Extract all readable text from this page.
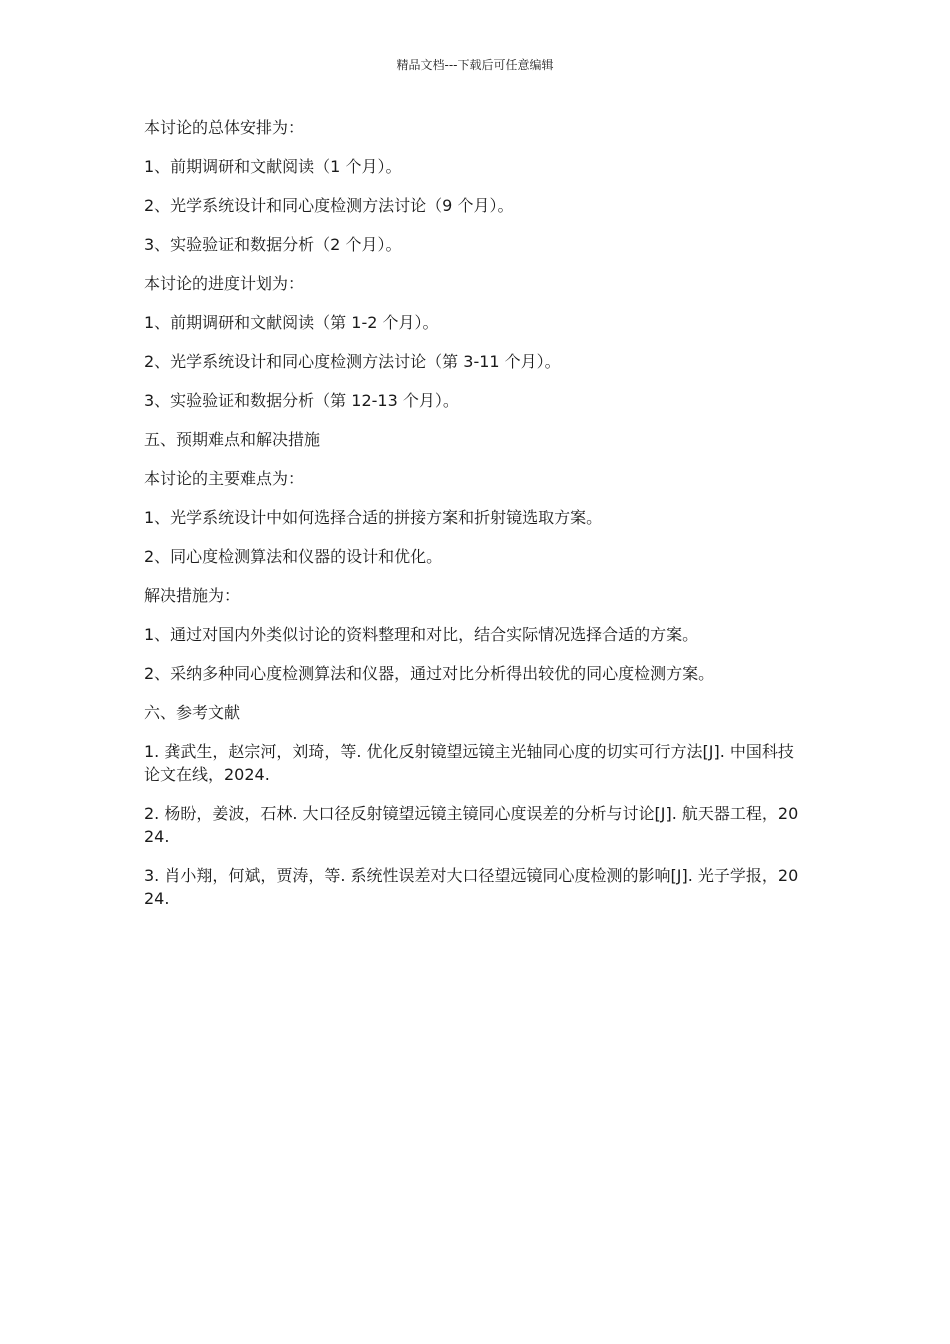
精品文档---下载后可任意编辑

本讨论的总体安排为：

1、前期调研和文献阅读（1 个月）。

2、光学系统设计和同心度检测方法讨论（9 个月）。

3、实验验证和数据分析（2 个月）。

本讨论的进度计划为：

1、前期调研和文献阅读（第 1-2 个月）。

2、光学系统设计和同心度检测方法讨论（第 3-11 个月）。

3、实验验证和数据分析（第 12-13 个月）。

五、预期难点和解决措施

本讨论的主要难点为：

1、光学系统设计中如何选择合适的拼接方案和折射镜选取方案。

2、同心度检测算法和仪器的设计和优化。

解决措施为：

1、通过对国内外类似讨论的资料整理和对比，结合实际情况选择合适的方案。

2、采纳多种同心度检测算法和仪器，通过对比分析得出较优的同心度检测方案。

六、参考文献

1. 龚武生，赵宗河，刘琦，等. 优化反射镜望远镜主光轴同心度的切实可行方法[J]. 中国科技论文在线，2024.

2. 杨盼，姜波，石林. 大口径反射镜望远镜主镜同心度误差的分析与讨论[J]. 航天器工程，2024.

3. 肖小翔，何斌，贾涛，等. 系统性误差对大口径望远镜同心度检测的影响[J]. 光子学报，2024.
